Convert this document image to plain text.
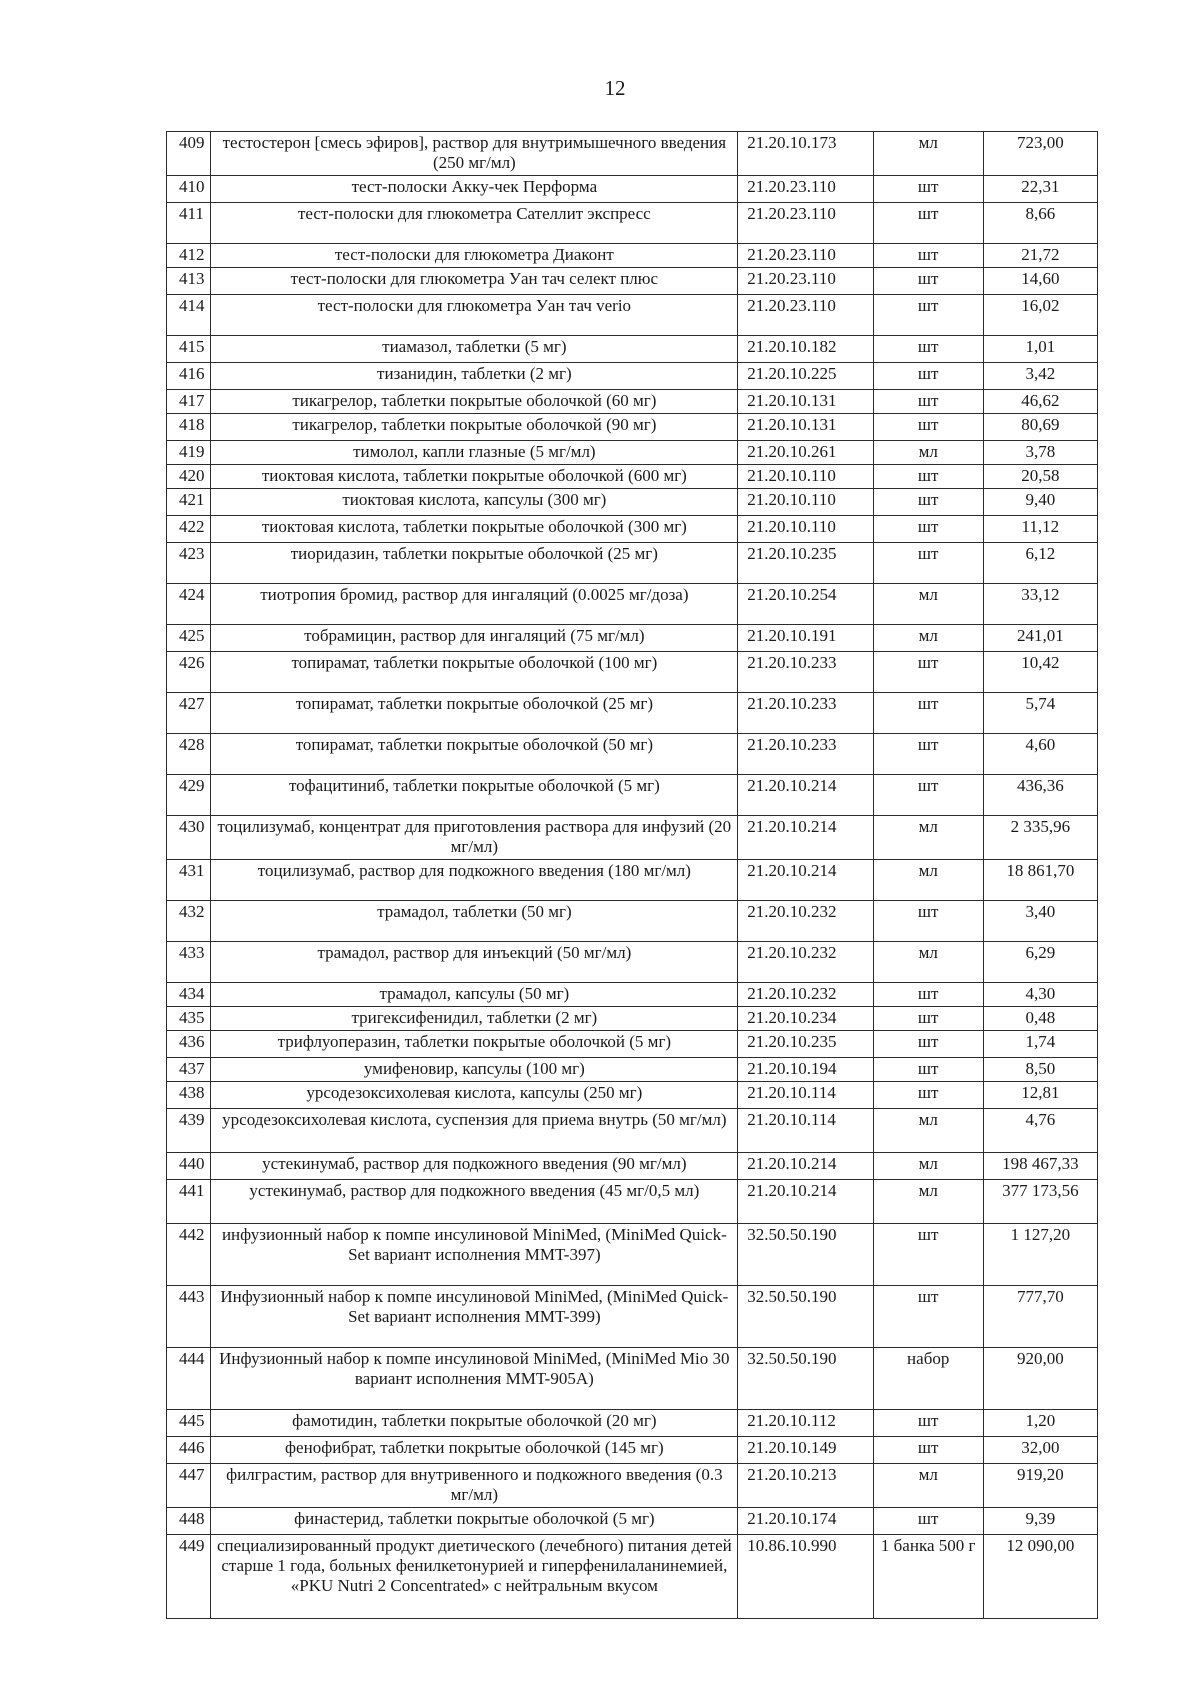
12
409	тестостерон [смесь эфиров], раствор для внутримышечного введения (250 мг/мл)	21.20.10.173	мл	723,00
410	тест-полоски Акку-чек Перформа	21.20.23.110	шт	22,31
411	тест-полоски для глюкометра Сателлит экспресс	21.20.23.110	шт	8,66
412	тест-полоски для глюкометра Диаконт	21.20.23.110	шт	21,72
413	тест-полоски для глюкометра Уан тач селект плюс	21.20.23.110	шт	14,60
414	тест-полоски для глюкометра Уан тач verio	21.20.23.110	шт	16,02
415	тиамазол, таблетки (5 мг)	21.20.10.182	шт	1,01
416	тизанидин, таблетки (2 мг)	21.20.10.225	шт	3,42
417	тикагрелор, таблетки покрытые оболочкой (60 мг)	21.20.10.131	шт	46,62
418	тикагрелор, таблетки покрытые оболочкой (90 мг)	21.20.10.131	шт	80,69
419	тимолол, капли глазные (5 мг/мл)	21.20.10.261	мл	3,78
420	тиоктовая кислота, таблетки покрытые оболочкой (600 мг)	21.20.10.110	шт	20,58
421	тиоктовая кислота, капсулы (300 мг)	21.20.10.110	шт	9,40
422	тиоктовая кислота, таблетки покрытые оболочкой (300 мг)	21.20.10.110	шт	11,12
423	тиоридазин, таблетки покрытые оболочкой (25 мг)	21.20.10.235	шт	6,12
424	тиотропия бромид, раствор для ингаляций (0.0025 мг/доза)	21.20.10.254	мл	33,12
425	тобрамицин, раствор для ингаляций (75 мг/мл)	21.20.10.191	мл	241,01
426	топирамат, таблетки покрытые оболочкой (100 мг)	21.20.10.233	шт	10,42
427	топирамат, таблетки покрытые оболочкой (25 мг)	21.20.10.233	шт	5,74
428	топирамат, таблетки покрытые оболочкой (50 мг)	21.20.10.233	шт	4,60
429	тофацитиниб, таблетки покрытые оболочкой (5 мг)	21.20.10.214	шт	436,36
430	тоцилизумаб, концентрат для приготовления раствора для инфузий (20 мг/мл)	21.20.10.214	мл	2 335,96
431	тоцилизумаб, раствор для подкожного введения (180 мг/мл)	21.20.10.214	мл	18 861,70
432	трамадол, таблетки (50 мг)	21.20.10.232	шт	3,40
433	трамадол, раствор для инъекций (50 мг/мл)	21.20.10.232	мл	6,29
434	трамадол, капсулы (50 мг)	21.20.10.232	шт	4,30
435	тригексифенидил, таблетки (2 мг)	21.20.10.234	шт	0,48
436	трифлуоперазин, таблетки покрытые оболочкой (5 мг)	21.20.10.235	шт	1,74
437	умифеновир, капсулы (100 мг)	21.20.10.194	шт	8,50
438	урсодезоксихолевая кислота, капсулы (250 мг)	21.20.10.114	шт	12,81
439	урсодезоксихолевая кислота, суспензия для приема внутрь (50 мг/мл)	21.20.10.114	мл	4,76
440	устекинумаб, раствор для подкожного введения (90 мг/мл)	21.20.10.214	мл	198 467,33
441	устекинумаб, раствор для подкожного введения (45 мг/0,5 мл)	21.20.10.214	мл	377 173,56
442	инфузионный набор к помпе инсулиновой MiniMed, (MiniMed Quick-Set вариант исполнения MMT-397)	32.50.50.190	шт	1 127,20
443	Инфузионный набор к помпе инсулиновой MiniMed, (MiniMed Quick-Set вариант исполнения MMT-399)	32.50.50.190	шт	777,70
444	Инфузионный набор к помпе инсулиновой MiniMed, (MiniMed Mio 30 вариант исполнения MMT-905A)	32.50.50.190	набор	920,00
445	фамотидин, таблетки покрытые оболочкой (20 мг)	21.20.10.112	шт	1,20
446	фенофибрат, таблетки покрытые оболочкой (145 мг)	21.20.10.149	шт	32,00
447	филграстим, раствор для внутривенного и подкожного введения (0.3 мг/мл)	21.20.10.213	мл	919,20
448	финастерид, таблетки покрытые оболочкой (5 мг)	21.20.10.174	шт	9,39
449	специализированный продукт диетического (лечебного) питания детей старше 1 года, больных фенилкетонурией и гиперфенилаланинемией, «PKU Nutri 2 Concentrated» с нейтральным вкусом	10.86.10.990	1 банка 500 г	12 090,00
